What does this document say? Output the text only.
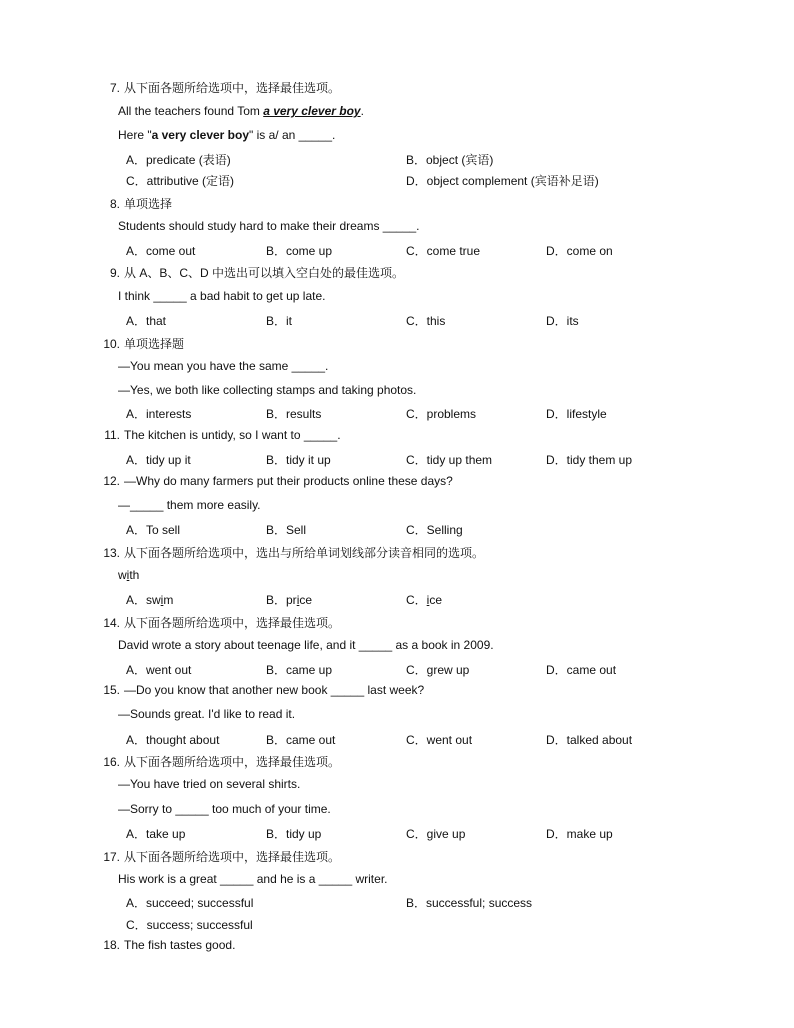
7. 从下面各题所给选项中，选择最佳选项。
All the teachers found Tom a very clever boy.
Here "a very clever boy" is a/ an _____.
A．predicate (表语)	B．object (宾语)
C．attributive (定语)	D．object complement (宾语补足语)
8. 单项选择
Students should study hard to make their dreams _____.
A．come out	B．come up	C．come true	D．come on
9. 从 A、B、C、D 中选出可以填入空白处的最佳选项。
I think _____ a bad habit to get up late.
A．that	B．it	C．this	D．its
10. 单项选择题
—You mean you have the same _____.
—Yes, we both like collecting stamps and taking photos.
A．interests	B．results	C．problems	D．lifestyle
11. The kitchen is untidy, so I want to _____.
A．tidy up it	B．tidy it up	C．tidy up them	D．tidy them up
12. —Why do many farmers put their products online these days?
—_____ them more easily.
A．To sell	B．Sell	C．Selling
13. 从下面各题所给选项中，选出与所给单词划线部分读音相同的选项。
with
A．swim	B．price	C．ice
14. 从下面各题所给选项中，选择最佳选项。
David wrote a story about teenage life, and it _____ as a book in 2009.
A．went out	B．came up	C．grew up	D．came out
15. —Do you know that another new book _____ last week?
—Sounds great. I'd like to read it.
A．thought about	B．came out	C．went out	D．talked about
16. 从下面各题所给选项中，选择最佳选项。
—You have tried on several shirts.
—Sorry to _____ too much of your time.
A．take up	B．tidy up	C．give up	D．make up
17. 从下面各题所给选项中，选择最佳选项。
His work is a great _____ and he is a _____ writer.
A．succeed; successful	B．successful; success
C．success; successful
18. The fish tastes good.
